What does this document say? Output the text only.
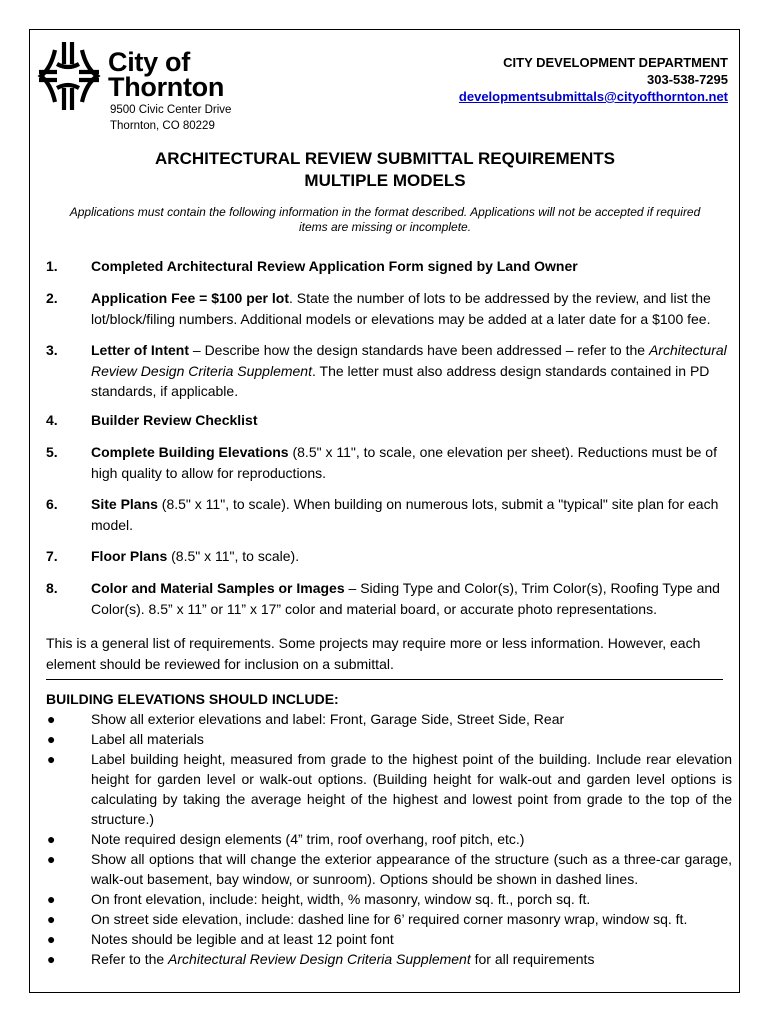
City of
Thornton
9500 Civic Center Drive
Thornton, CO 80229
CITY DEVELOPMENT DEPARTMENT
303-538-7295
developmentsubmittals@cityofthornton.net
ARCHITECTURAL REVIEW SUBMITTAL REQUIREMENTS
MULTIPLE MODELS
Applications must contain the following information in the format described. Applications will not be accepted if required items are missing or incomplete.
1. Completed Architectural Review Application Form signed by Land Owner
2. Application Fee = $100 per lot. State the number of lots to be addressed by the review, and list the lot/block/filing numbers. Additional models or elevations may be added at a later date for a $100 fee.
3. Letter of Intent – Describe how the design standards have been addressed – refer to the Architectural Review Design Criteria Supplement. The letter must also address design standards contained in PD standards, if applicable.
4. Builder Review Checklist
5. Complete Building Elevations (8.5" x 11", to scale, one elevation per sheet). Reductions must be of high quality to allow for reproductions.
6. Site Plans (8.5" x 11", to scale). When building on numerous lots, submit a "typical" site plan for each model.
7. Floor Plans (8.5" x 11", to scale).
8. Color and Material Samples or Images – Siding Type and Color(s), Trim Color(s), Roofing Type and Color(s). 8.5” x 11” or 11” x 17” color and material board, or accurate photo representations.
This is a general list of requirements. Some projects may require more or less information. However, each element should be reviewed for inclusion on a submittal.
BUILDING ELEVATIONS SHOULD INCLUDE:
●	Show all exterior elevations and label: Front, Garage Side, Street Side, Rear
●	Label all materials
●	Label building height, measured from grade to the highest point of the building. Include rear elevation height for garden level or walk-out options. (Building height for walk-out and garden level options is calculating by taking the average height of the highest and lowest point from grade to the top of the structure.)
●	Note required design elements (4” trim, roof overhang, roof pitch, etc.)
●	Show all options that will change the exterior appearance of the structure (such as a three-car garage, walk-out basement, bay window, or sunroom). Options should be shown in dashed lines.
●	On front elevation, include: height, width, % masonry, window sq. ft., porch sq. ft.
●	On street side elevation, include: dashed line for 6’ required corner masonry wrap, window sq. ft.
●	Notes should be legible and at least 12 point font
●	Refer to the Architectural Review Design Criteria Supplement for all requirements
